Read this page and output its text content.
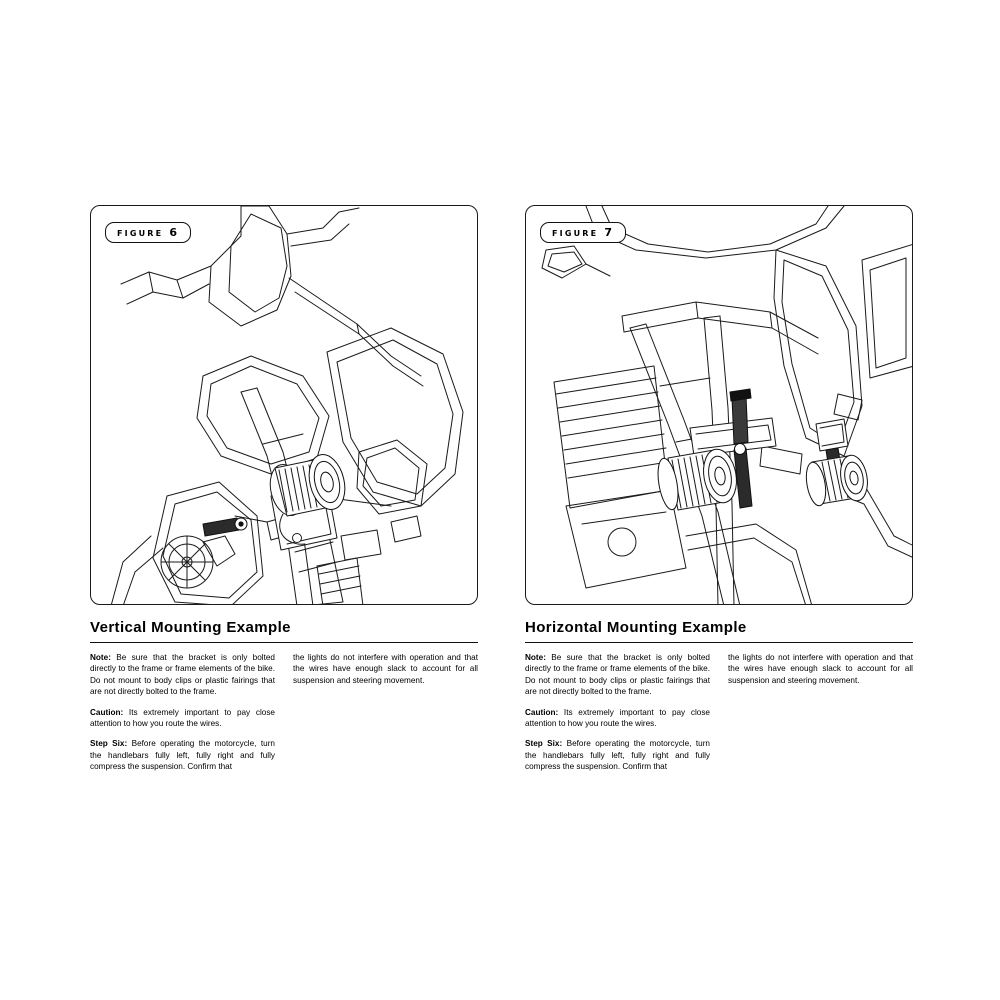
figure 6
Vertical Mounting Example
Note: Be sure that the bracket is only bolted directly to the frame or frame elements of the bike. Do not mount to body clips or plastic fairings that are not directly bolted to the frame.
Caution: Its extremely important to pay close attention to how you route the wires.
Step Six: Before operating the motorcycle, turn the handlebars fully left, fully right and fully compress the suspension. Confirm that
the lights do not interfere with operation and that the wires have enough slack to account for all suspension and steering movement.
figure 7
Horizontal Mounting Example
Note: Be sure that the bracket is only bolted directly to the frame or frame elements of the bike. Do not mount to body clips or plastic fairings that are not directly bolted to the frame.
Caution: Its extremely important to pay close attention to how you route the wires.
Step Six: Before operating the motorcycle, turn the handlebars fully left, fully right and fully compress the suspension. Confirm that
the lights do not interfere with operation and that the wires have enough slack to account for all suspension and steering movement.
